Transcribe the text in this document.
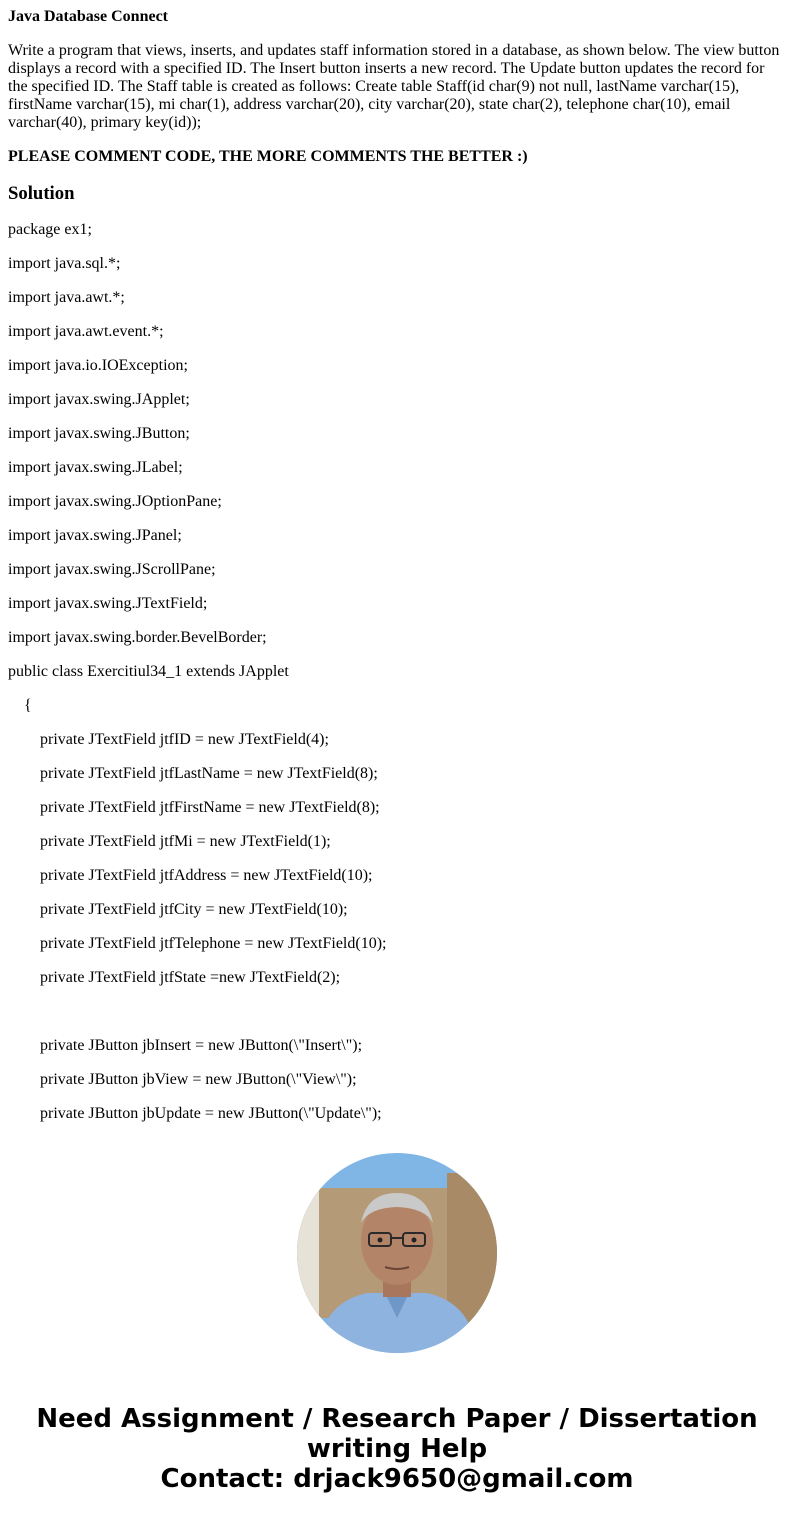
Java Database Connect
Write a program that views, inserts, and updates staff information stored in a database, as shown below. The view button displays a record with a specified ID. The Insert button inserts a new record. The Update button updates the record for the specified ID. The Staff table is created as follows: Create table Staff(id char(9) not null, lastName varchar(15), firstName varchar(15), mi char(1), address varchar(20), city varchar(20), state char(2), telephone char(10), email varchar(40), primary key(id));
PLEASE COMMENT CODE, THE MORE COMMENTS THE BETTER :)
Solution
package ex1;
import java.sql.*;
import java.awt.*;
import java.awt.event.*;
import java.io.IOException;
import javax.swing.JApplet;
import javax.swing.JButton;
import javax.swing.JLabel;
import javax.swing.JOptionPane;
import javax.swing.JPanel;
import javax.swing.JScrollPane;
import javax.swing.JTextField;
import javax.swing.border.BevelBorder;
public class Exercitiul34_1 extends JApplet
{
private JTextField jtfID = new JTextField(4);
private JTextField jtfLastName = new JTextField(8);
private JTextField jtfFirstName = new JTextField(8);
private JTextField jtfMi = new JTextField(1);
private JTextField jtfAddress = new JTextField(10);
private JTextField jtfCity = new JTextField(10);
private JTextField jtfTelephone = new JTextField(10);
private JTextField jtfState =new JTextField(2);
private JButton jbInsert = new JButton(\"Insert\");
private JButton jbView = new JButton(\"View\");
private JButton jbUpdate = new JButton(\"Update\");
Need Assignment / Research Paper / Dissertation
writing Help
Contact: drjack9650@gmail.com
